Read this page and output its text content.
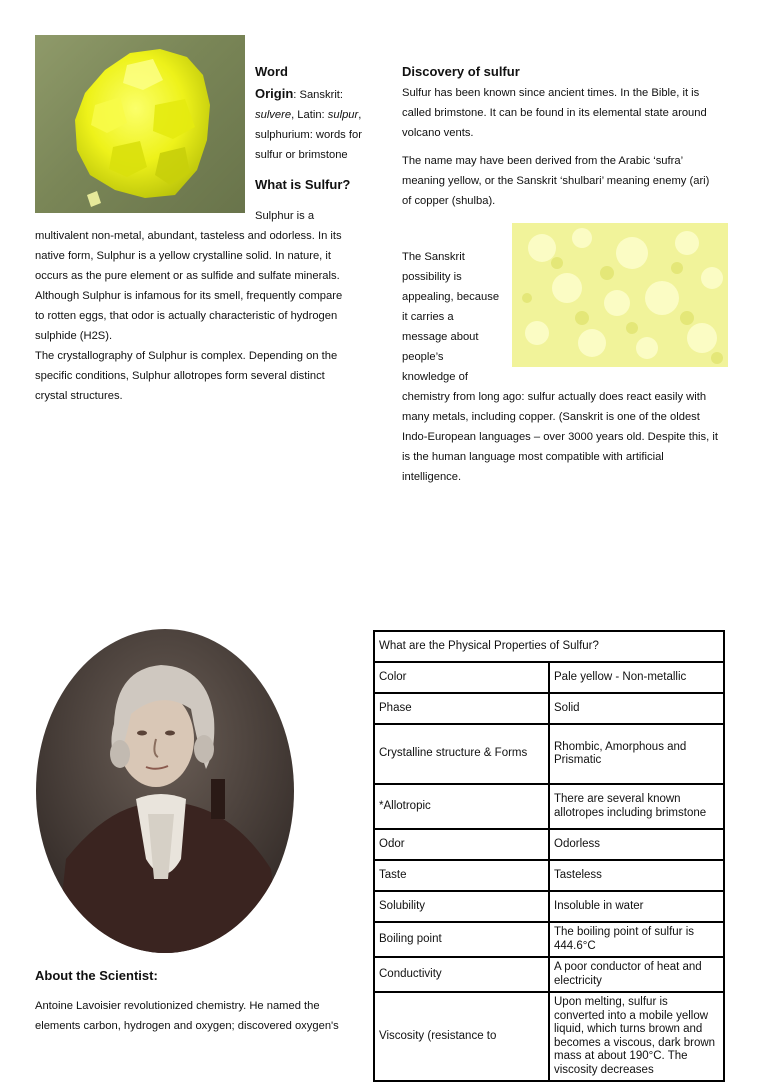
Word

Origin: Sanskrit: sulvere, Latin: sulpur, sulphurium: words for sulfur or brimstone

What is Sulfur?

Sulphur is a

multivalent non-metal, abundant, tasteless and odorless. In its

native form, Sulphur is a yellow crystalline solid. In nature, it

occurs as the pure element or as sulfide and sulfate minerals.

Although Sulphur is infamous for its smell, frequently compare

to rotten eggs, that odor is actually characteristic of hydrogen

sulphide (H2S).

The crystallography of Sulphur is complex. Depending on the

specific conditions, Sulphur allotropes form several distinct

crystal structures.

Discovery of sulfur

Sulfur has been known since ancient times. In the Bible, it is

called brimstone. It can be found in its elemental state around

volcano vents.

The name may have been derived from the Arabic ‘sufra’

meaning yellow, or the Sanskrit ‘shulbari’ meaning enemy (ari)

of copper (shulba).

The Sanskrit

possibility is

appealing, because

it carries a

message about

people’s

knowledge of

chemistry from long ago: sulfur actually does react easily with

many metals, including copper. (Sanskrit is one of the oldest

Indo-European languages – over 3000 years old. Despite this, it

is the human language most compatible with artificial

intelligence.

About the Scientist:

Antoine Lavoisier revolutionized chemistry. He named the

elements carbon, hydrogen and oxygen; discovered oxygen's

What are the Physical Properties of Sulfur?	
Color	Pale yellow - Non-metallic
Phase	Solid
Crystalline structure & Forms	Rhombic, Amorphous and Prismatic
*Allotropic	There are several known allotropes including brimstone
Odor	Odorless
Taste	Tasteless
Solubility	Insoluble in water
Boiling point	The boiling point of sulfur is 444.6°C
Conductivity	A poor conductor of heat and electricity
Viscosity (resistance to	Upon melting, sulfur is converted into a mobile yellow liquid, which turns brown and becomes a viscous, dark brown mass at about 190°C. The viscosity decreases
